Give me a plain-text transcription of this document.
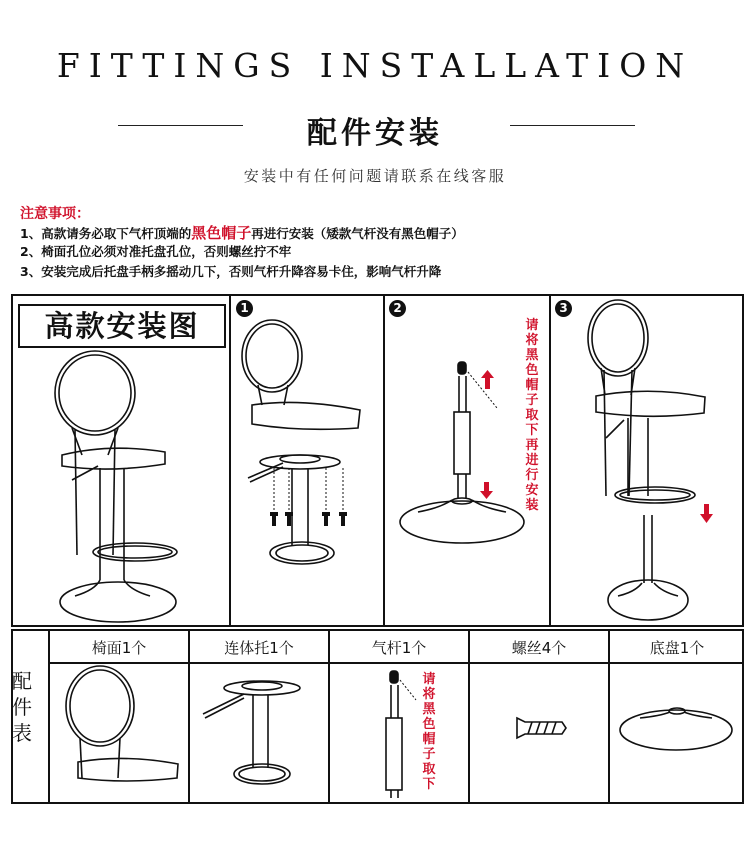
FITTINGS INSTALLATION
配件安装
安装中有任何问题请联系在线客服
注意事项：
1、高款请务必取下气杆顶端的黑色帽子再进行安装（矮款气杆没有黑色帽子）
2、椅面孔位必须对准托盘孔位，否则螺丝拧不牢
3、安装完成后托盘手柄多摇动几下，否则气杆升降容易卡住，影响气杆升降
高款安装图
1	2	3
请将黑色帽子取下再进行安装
配件表
椅面1个	连体托1个	气杆1个	螺丝4个	底盘1个
请将黑色帽子取下
